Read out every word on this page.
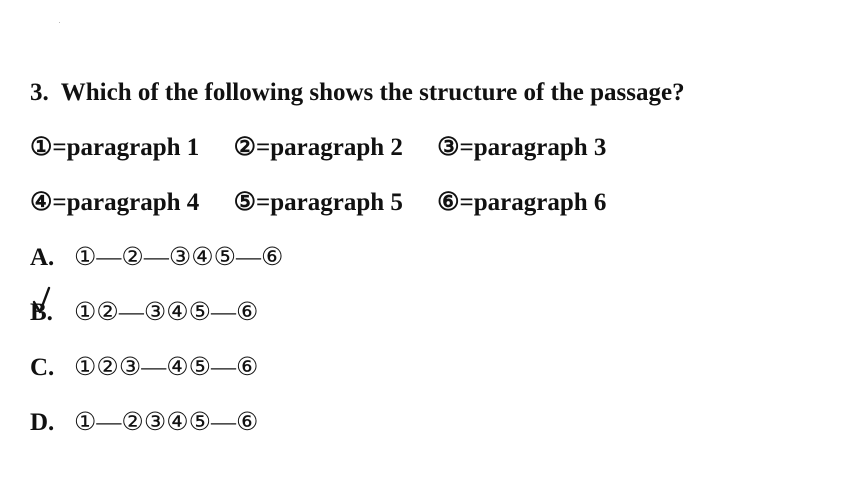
3. Which of the following shows the structure of the passage?
①=paragraph 1 ②=paragraph 2 ③=paragraph 3
④=paragraph 4 ⑤=paragraph 5 ⑥=paragraph 6
A. ①—②—③④⑤—⑥
B. ①②—③④⑤—⑥
C. ①②③—④⑤—⑥
D. ①—②③④⑤—⑥
